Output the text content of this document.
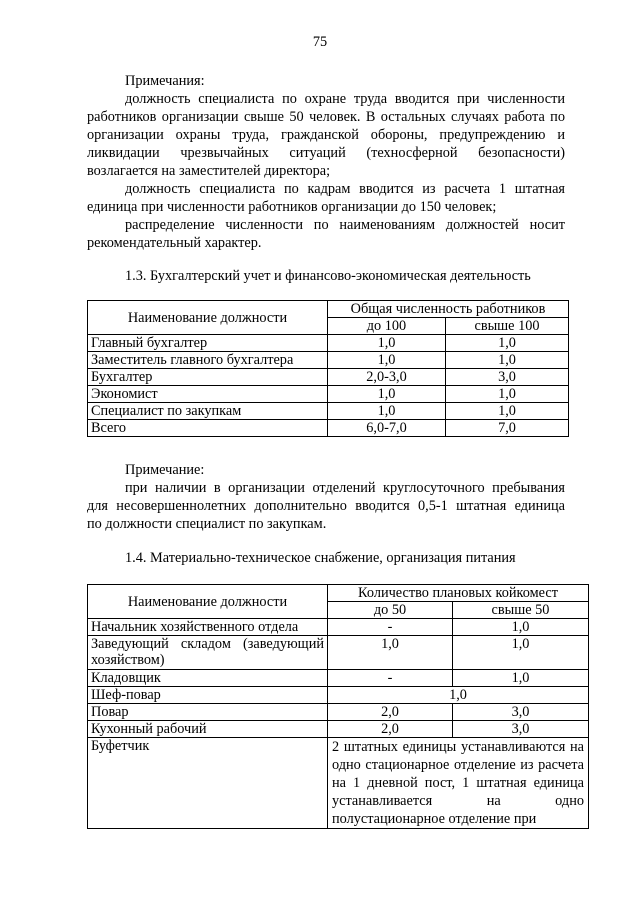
75

Примечания:

должность специалиста по охране труда вводится при численности

работников организации свыше 50 человек. В остальных случаях работа по

организации охраны труда, гражданской обороны, предупреждению и

ликвидации чрезвычайных ситуаций (техносферной безопасности)

возлагается на заместителей директора;

должность специалиста по кадрам вводится из расчета 1 штатная

единица при численности работников организации до 150 человек;

распределение численности по наименованиям должностей носит

рекомендательный характер.

1.3. Бухгалтерский учет и финансово-экономическая деятельность

Наименование должности	Общая численность работников	
	до 100	свыше 100
Главный бухгалтер	1,0	1,0
Заместитель главного бухгалтера	1,0	1,0
Бухгалтер	2,0-3,0	3,0
Экономист	1,0	1,0
Специалист по закупкам	1,0	1,0
Всего	6,0-7,0	7,0

Примечание:

при наличии в организации отделений круглосуточного пребывания

для несовершеннолетних дополнительно вводится 0,5-1 штатная единица

по должности специалист по закупкам.

1.4. Материально-техническое снабжение, организация питания

Наименование должности	Количество плановых койкомест	
	до 50	свыше 50
Начальник хозяйственного отдела	-	1,0
Заведующий складом (заведующий хозяйством)	1,0	1,0
Кладовщик	-	1,0
Шеф-повар	1,0	
Повар	2,0	3,0
Кухонный рабочий	2,0	3,0
Буфетчик	2 штатных единицы устанавливаются на одно стационарное отделение из расчета на 1 дневной пост, 1 штатная единица устанавливается на одно полустационарное отделение при	
